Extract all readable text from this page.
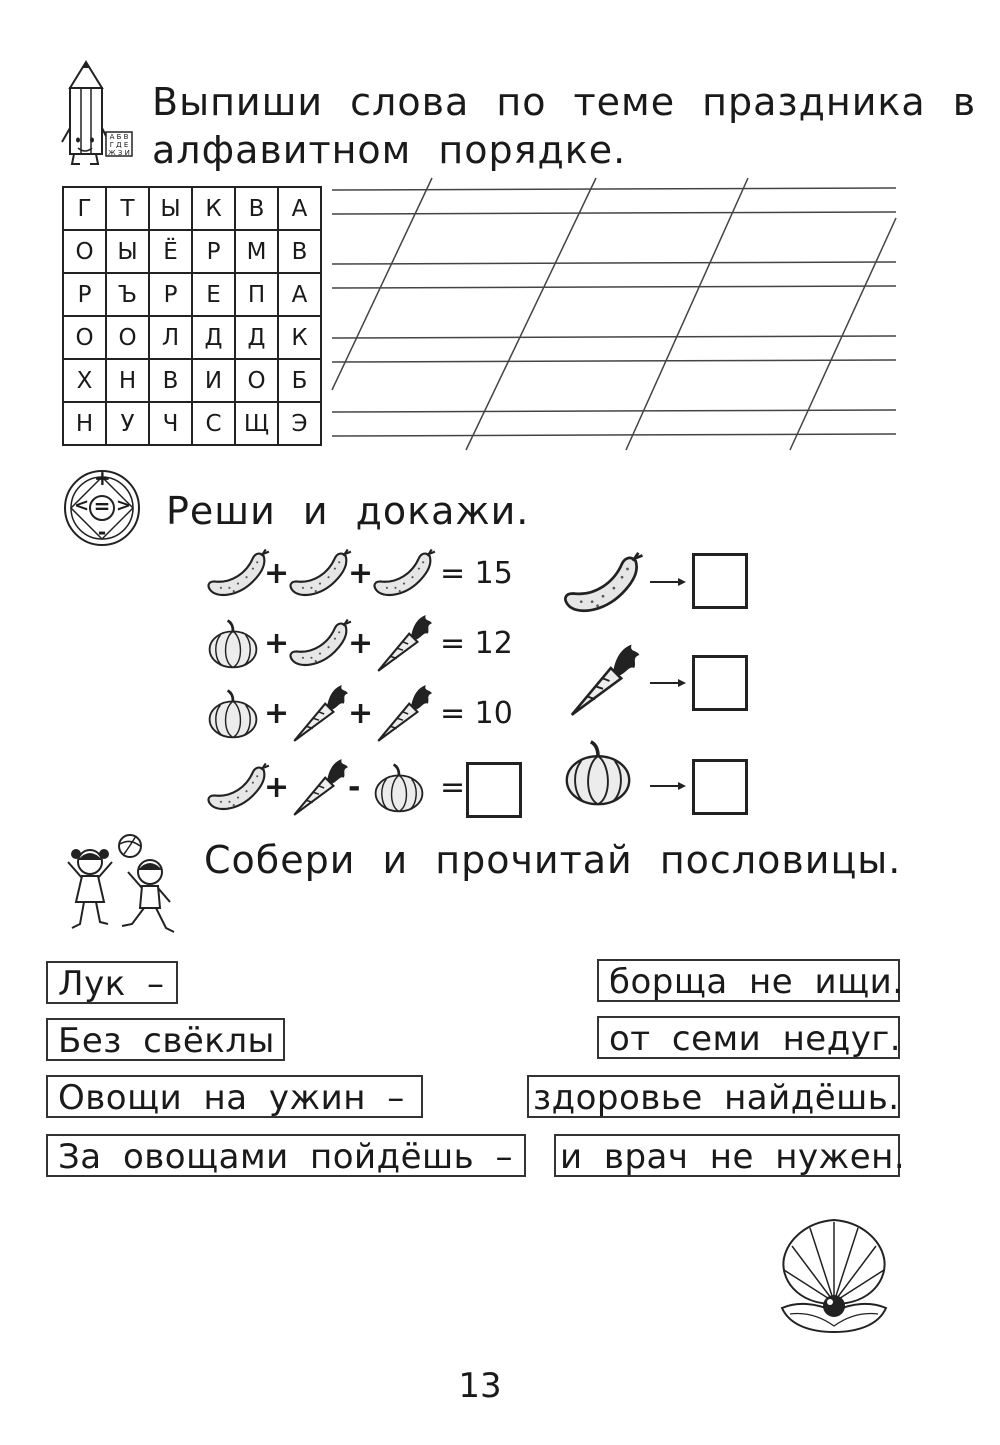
А Б В
Г Д Е
Ж З И
Выпиши слова по теме праздника в
алфавитном порядке.
Г	Т	Ы	К	В	А
О	Ы	Ё	Р	М	В
Р	Ъ	Р	Е	П	А
О	О	Л	Д	Д	К
Х	Н	В	И	О	Б
Н	У	Ч	С	Щ	Э
+
-
=
< > Реши и докажи.
+ + = 15
+ + = 12
+ + = 10
+ -	=
Собери и прочитай пословицы.
Лук –
Без свёклы
Овощи на ужин –
За овощами пойдёшь –
борща не ищи.
от семи недуг.
здоровье найдёшь.
и врач не нужен.
13
